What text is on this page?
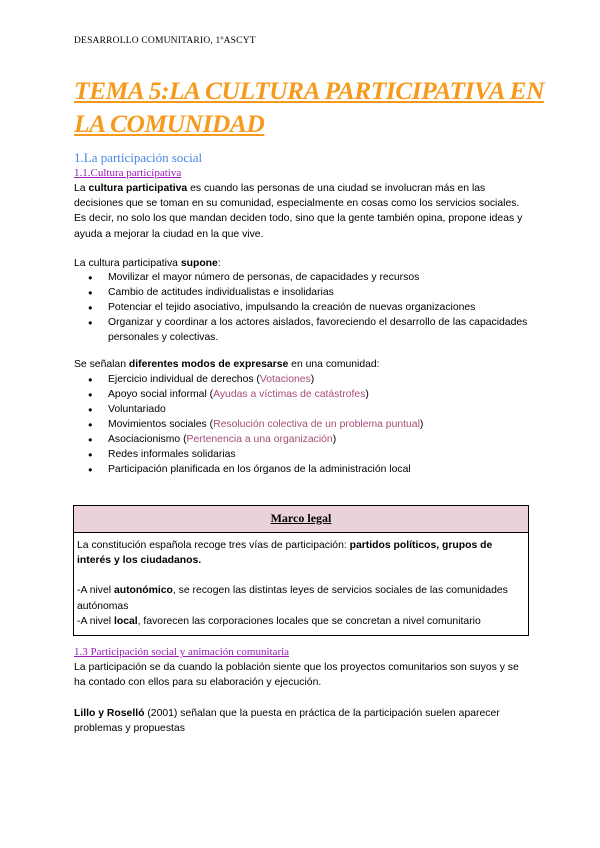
DESARROLLO COMUNITARIO, 1ºASCYT
TEMA 5:LA CULTURA PARTICIPATIVA EN LA COMUNIDAD
1.La participación social
1.1.Cultura participativa

La cultura participativa es cuando las personas de una ciudad se involucran más en las decisiones que se toman en su comunidad, especialmente en cosas como los servicios sociales. Es decir, no solo los que mandan deciden todo, sino que la gente también opina, propone ideas y ayuda a mejorar la ciudad en la que vive.

La cultura participativa supone:

● Movilizar el mayor número de personas, de capacidades y recursos
● Cambio de actitudes individualistas e insolidarias
● Potenciar el tejido asociativo, impulsando la creación de nuevas organizaciones
● Organizar y coordinar a los actores aislados, favoreciendo el desarrollo de las capacidades personales y colectivas.

Se señalan diferentes modos de expresarse en una comunidad:

● Ejercicio individual de derechos (Votaciones)
● Apoyo social informal (Ayudas a víctimas de catástrofes)
● Voluntariado
● Movimientos sociales (Resolución colectiva de un problema puntual)
● Asociacionismo (Pertenencia a una organización)
● Redes informales solidarias
● Participación planificada en los órganos de la administración local
Marco legal

La constitución española recoge tres vías de participación: partidos políticos, grupos de interés y los ciudadanos.

-A nivel autonómico, se recogen las distintas leyes de servicios sociales de las comunidades autónomas

-A nivel local, favorecen las corporaciones locales que se concretan a nivel comunitario

1.3 Participación social y animación comunitaria

La participación se da cuando la población siente que los proyectos comunitarios son suyos y se ha contado con ellos para su elaboración y ejecución.

Lillo y Roselló (2001) señalan que la puesta en práctica de la participación suelen aparecer problemas y propuestas
